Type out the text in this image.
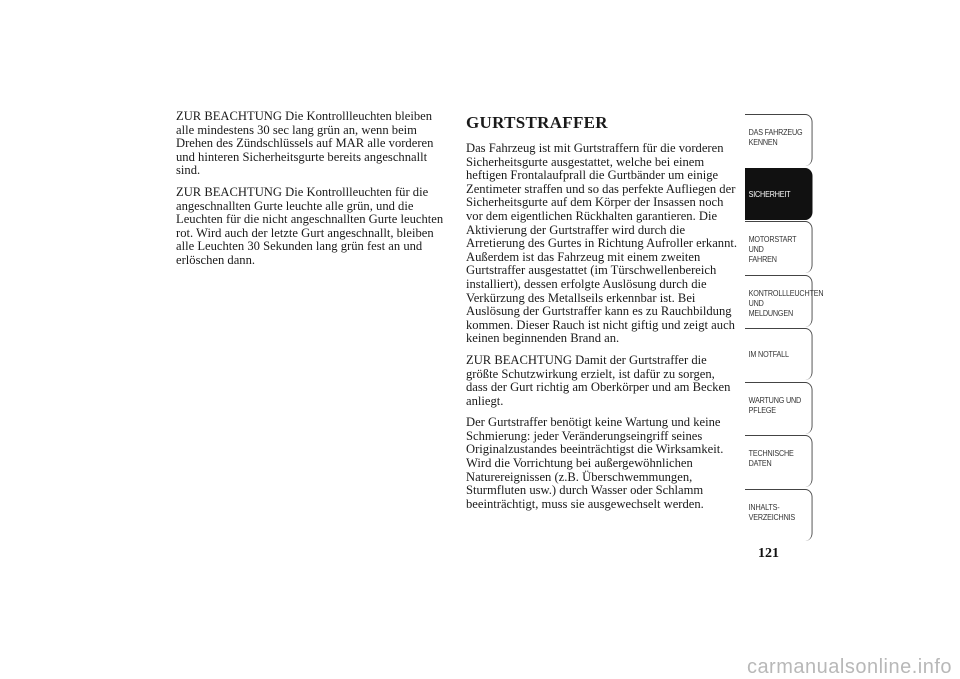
ZUR BEACHTUNG Die Kontrollleuchten bleiben alle mindestens 30 sec lang grün an, wenn beim Drehen des Zündschlüssels auf MAR alle vorderen und hinteren Sicherheitsgurte bereits angeschnallt sind.

ZUR BEACHTUNG Die Kontrollleuchten für die angeschnallten Gurte leuchte alle grün, und die Leuchten für die nicht angeschnallten Gurte leuchten rot. Wird auch der letzte Gurt angeschnallt, bleiben alle Leuchten 30 Sekunden lang grün fest an und erlöschen dann.

GURTSTRAFFER

Das Fahrzeug ist mit Gurtstraffern für die vorderen Sicherheitsgurte ausgestattet, welche bei einem heftigen Frontalaufprall die Gurtbänder um einige Zentimeter straffen und so das perfekte Aufliegen der Sicherheitsgurte auf dem Körper der Insassen noch vor dem eigentlichen Rückhalten garantieren. Die Aktivierung der Gurtstraffer wird durch die Arretierung des Gurtes in Richtung Aufroller erkannt. Außerdem ist das Fahrzeug mit einem zweiten Gurtstraffer ausgestattet (im Türschwellenbereich installiert), dessen erfolgte Auslösung durch die Verkürzung des Metallseils erkennbar ist. Bei Auslösung der Gurtstraffer kann es zu Rauchbildung kommen. Dieser Rauch ist nicht giftig und zeigt auch keinen beginnenden Brand an.

ZUR BEACHTUNG Damit der Gurtstraffer die größte Schutzwirkung erzielt, ist dafür zu sorgen, dass der Gurt richtig am Oberkörper und am Becken anliegt.

Der Gurtstraffer benötigt keine Wartung und keine Schmierung: jeder Veränderungseingriff seines Originalzustandes beeinträchtigst die Wirksamkeit. Wird die Vorrichtung bei außergewöhnlichen Naturereignissen (z.B. Überschwemmungen, Sturmfluten usw.) durch Wasser oder Schlamm beeinträchtigt, muss sie ausgewechselt werden.

DAS FAHRZEUG
KENNEN
SICHERHEIT
MOTORSTART UND
FAHREN
KONTROLLLEUCHTEN
UND MELDUNGEN
IM NOTFALL
WARTUNG UND
PFLEGE
TECHNISCHE
DATEN
INHALTS-
VERZEICHNIS
121
carmanualsonline.info
